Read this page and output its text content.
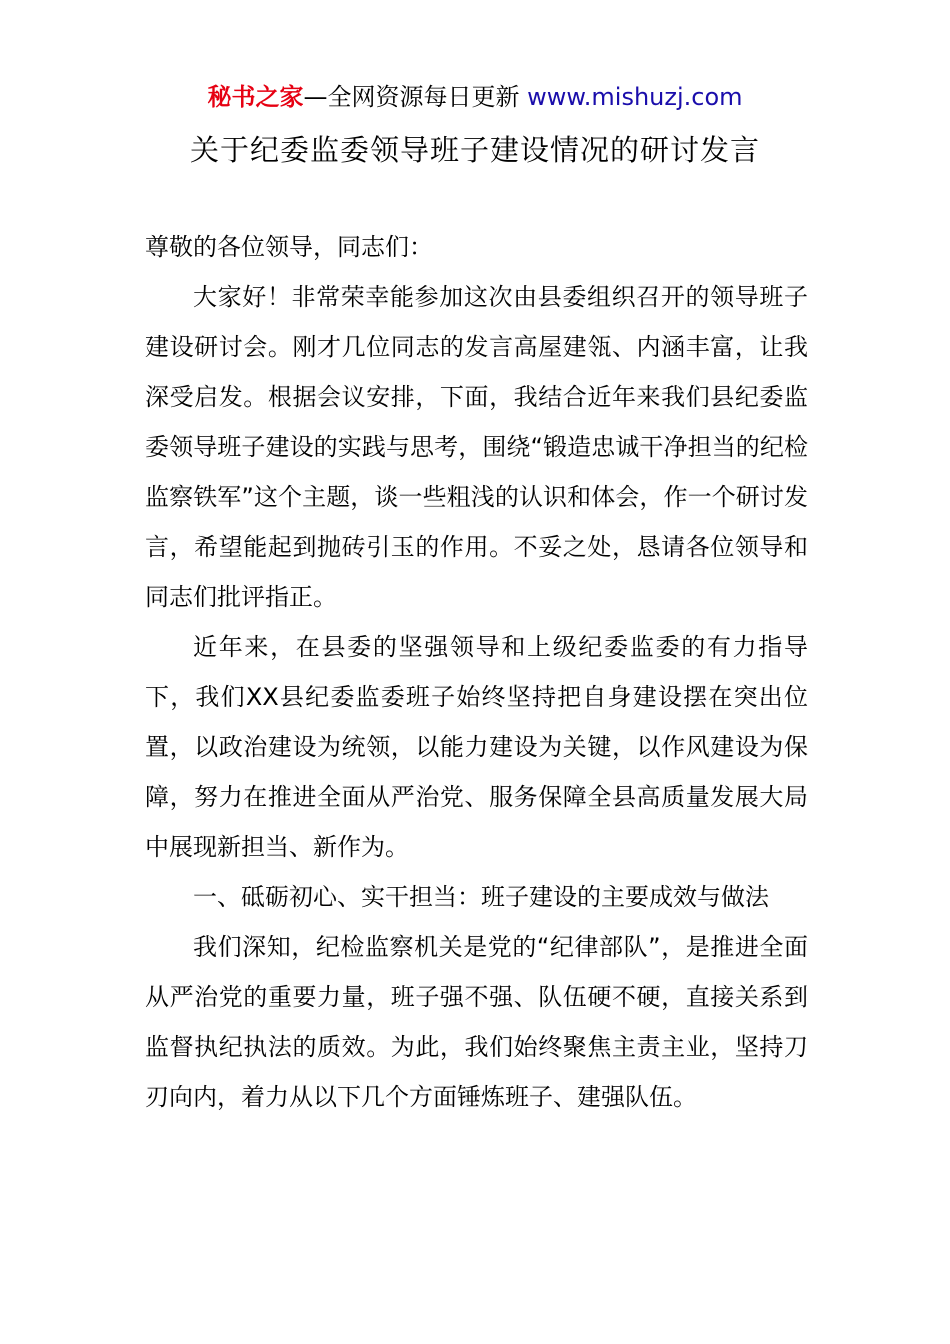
秘书之家—全网资源每日更新 www.mishuzj.com
关于纪委监委领导班子建设情况的研讨发言

尊敬的各位领导，同志们：

大家好！非常荣幸能参加这次由县委组织召开的领导班子建设研讨会。刚才几位同志的发言高屋建瓴、内涵丰富，让我深受启发。根据会议安排，下面，我结合近年来我们县纪委监委领导班子建设的实践与思考，围绕“锻造忠诚干净担当的纪检监察铁军”这个主题，谈一些粗浅的认识和体会，作一个研讨发言，希望能起到抛砖引玉的作用。不妥之处，恳请各位领导和同志们批评指正。

近年来，在县委的坚强领导和上级纪委监委的有力指导下，我们XX县纪委监委班子始终坚持把自身建设摆在突出位置，以政治建设为统领，以能力建设为关键，以作风建设为保障，努力在推进全面从严治党、服务保障全县高质量发展大局中展现新担当、新作为。

一、砥砺初心、实干担当：班子建设的主要成效与做法

我们深知，纪检监察机关是党的“纪律部队”，是推进全面从严治党的重要力量，班子强不强、队伍硬不硬，直接关系到监督执纪执法的质效。为此，我们始终聚焦主责主业，坚持刀刃向内，着力从以下几个方面锤炼班子、建强队伍。
